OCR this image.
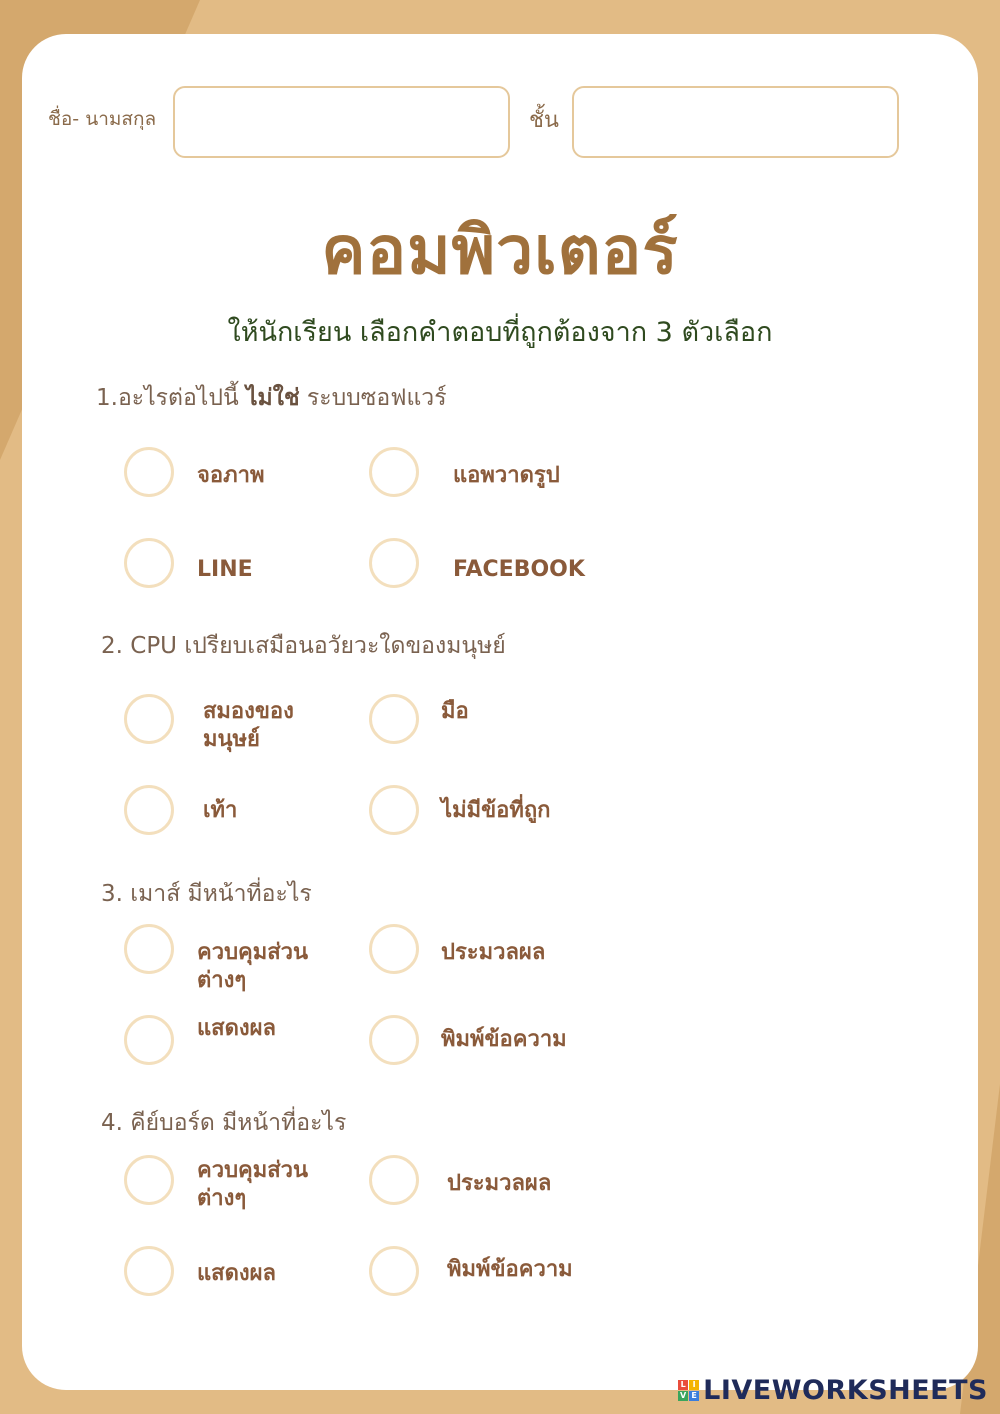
ชื่อ- นามสกุล	ชั้น
คอมพิวเตอร์
ให้นักเรียน เลือกคำตอบที่ถูกต้องจาก 3 ตัวเลือก
1.อะไรต่อไปนี้ ไม่ใช่ ระบบซอฟแวร์
จอภาพ	แอพวาดรูป
LINE	FACEBOOK
2. CPU เปรียบเสมือนอวัยวะใดของมนุษย์
สมองของ
มนุษย์
มือ
เท้า	ไม่มีข้อที่ถูก
3. เมาส์ มีหน้าที่อะไร
ควบคุมส่วน
ต่างๆ
ประมวลผล
แสดงผล	พิมพ์ข้อความ
4. คีย์บอร์ด มีหน้าที่อะไร
ควบคุมส่วน
ต่างๆ
ประมวลผล
แสดงผล	พิมพ์ข้อความ
L I
V E LIVEWORKSHEETS
